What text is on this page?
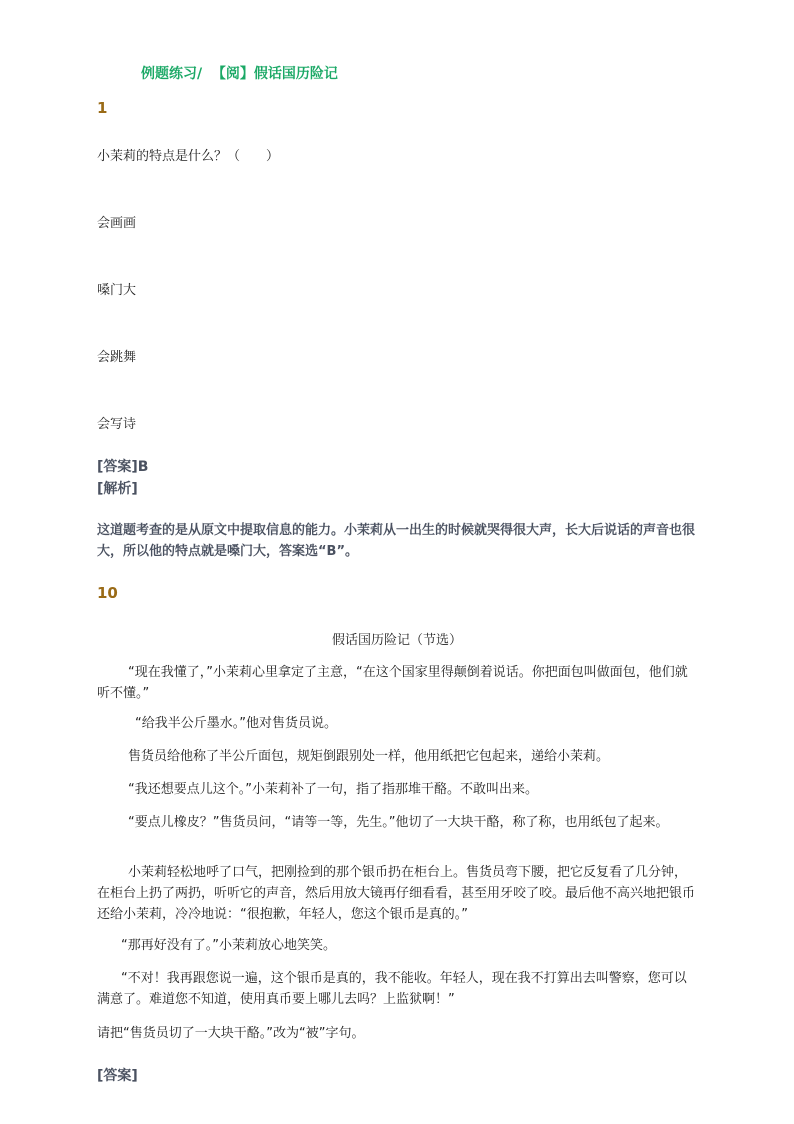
例题练习/  【阅】假话国历险记
1
小茉莉的特点是什么？（　　）
会画画
嗓门大
会跳舞
会写诗
[答案]B
[解析]
这道题考查的是从原文中提取信息的能力。小茉莉从一出生的时候就哭得很大声，长大后说话的声音也很大，所以他的特点就是嗓门大，答案选“B”。
10
假话国历险记（节选）
“现在我懂了，”小茉莉心里拿定了主意，“在这个国家里得颠倒着说话。你把面包叫做面包，他们就听不懂。”
“给我半公斤墨水。”他对售货员说。
售货员给他称了半公斤面包，规矩倒跟别处一样，他用纸把它包起来，递给小茉莉。
“我还想要点儿这个。”小茉莉补了一句，指了指那堆干酪。不敢叫出来。
“要点儿橡皮？”售货员问，“请等一等，先生。”他切了一大块干酪，称了称，也用纸包了起来。
小茉莉轻松地呼了口气，把刚捡到的那个银币扔在柜台上。售货员弯下腰，把它反复看了几分钟，在柜台上扔了两扔，听听它的声音，然后用放大镜再仔细看看，甚至用牙咬了咬。最后他不高兴地把银币还给小茉莉，冷冷地说：“很抱歉，年轻人，您这个银币是真的。”
“那再好没有了。”小茉莉放心地笑笑。
“不对！我再跟您说一遍，这个银币是真的，我不能收。年轻人，现在我不打算出去叫警察，您可以满意了。难道您不知道，使用真币要上哪儿去吗？上监狱啊！”
请把“售货员切了一大块干酪。”改为“被”字句。
[答案]
